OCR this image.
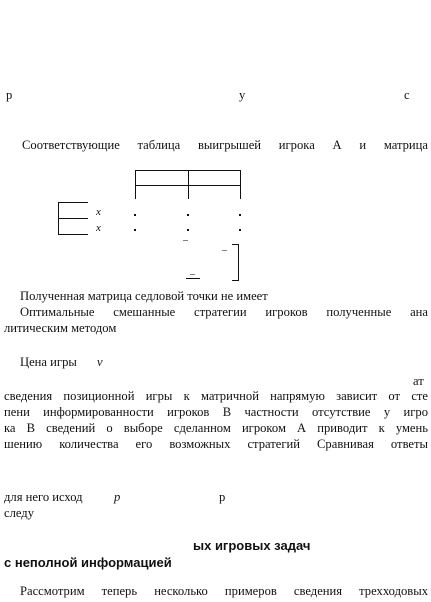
р	у	с
Соответствующие таблица выигрышей игрока А и матрица
x
x
_
_
_
Полученная матрица седловой точки не имеет
Оптимальные смешанные стратегии игроков полученные ана
литическим методом
Цена игры v
ат
сведения позиционной игры к матричной напрямую зависит от сте
пени информированности игроков В частности отсутствие у игро
ка В сведений о выборе сделанном игроком А приводит к умень
шению количества его возможных стратегий Сравнивая ответы
для него исход p	р
следу
ых игровых задач
с неполной информацией
Рассмотрим теперь несколько примеров сведения трехходовых
